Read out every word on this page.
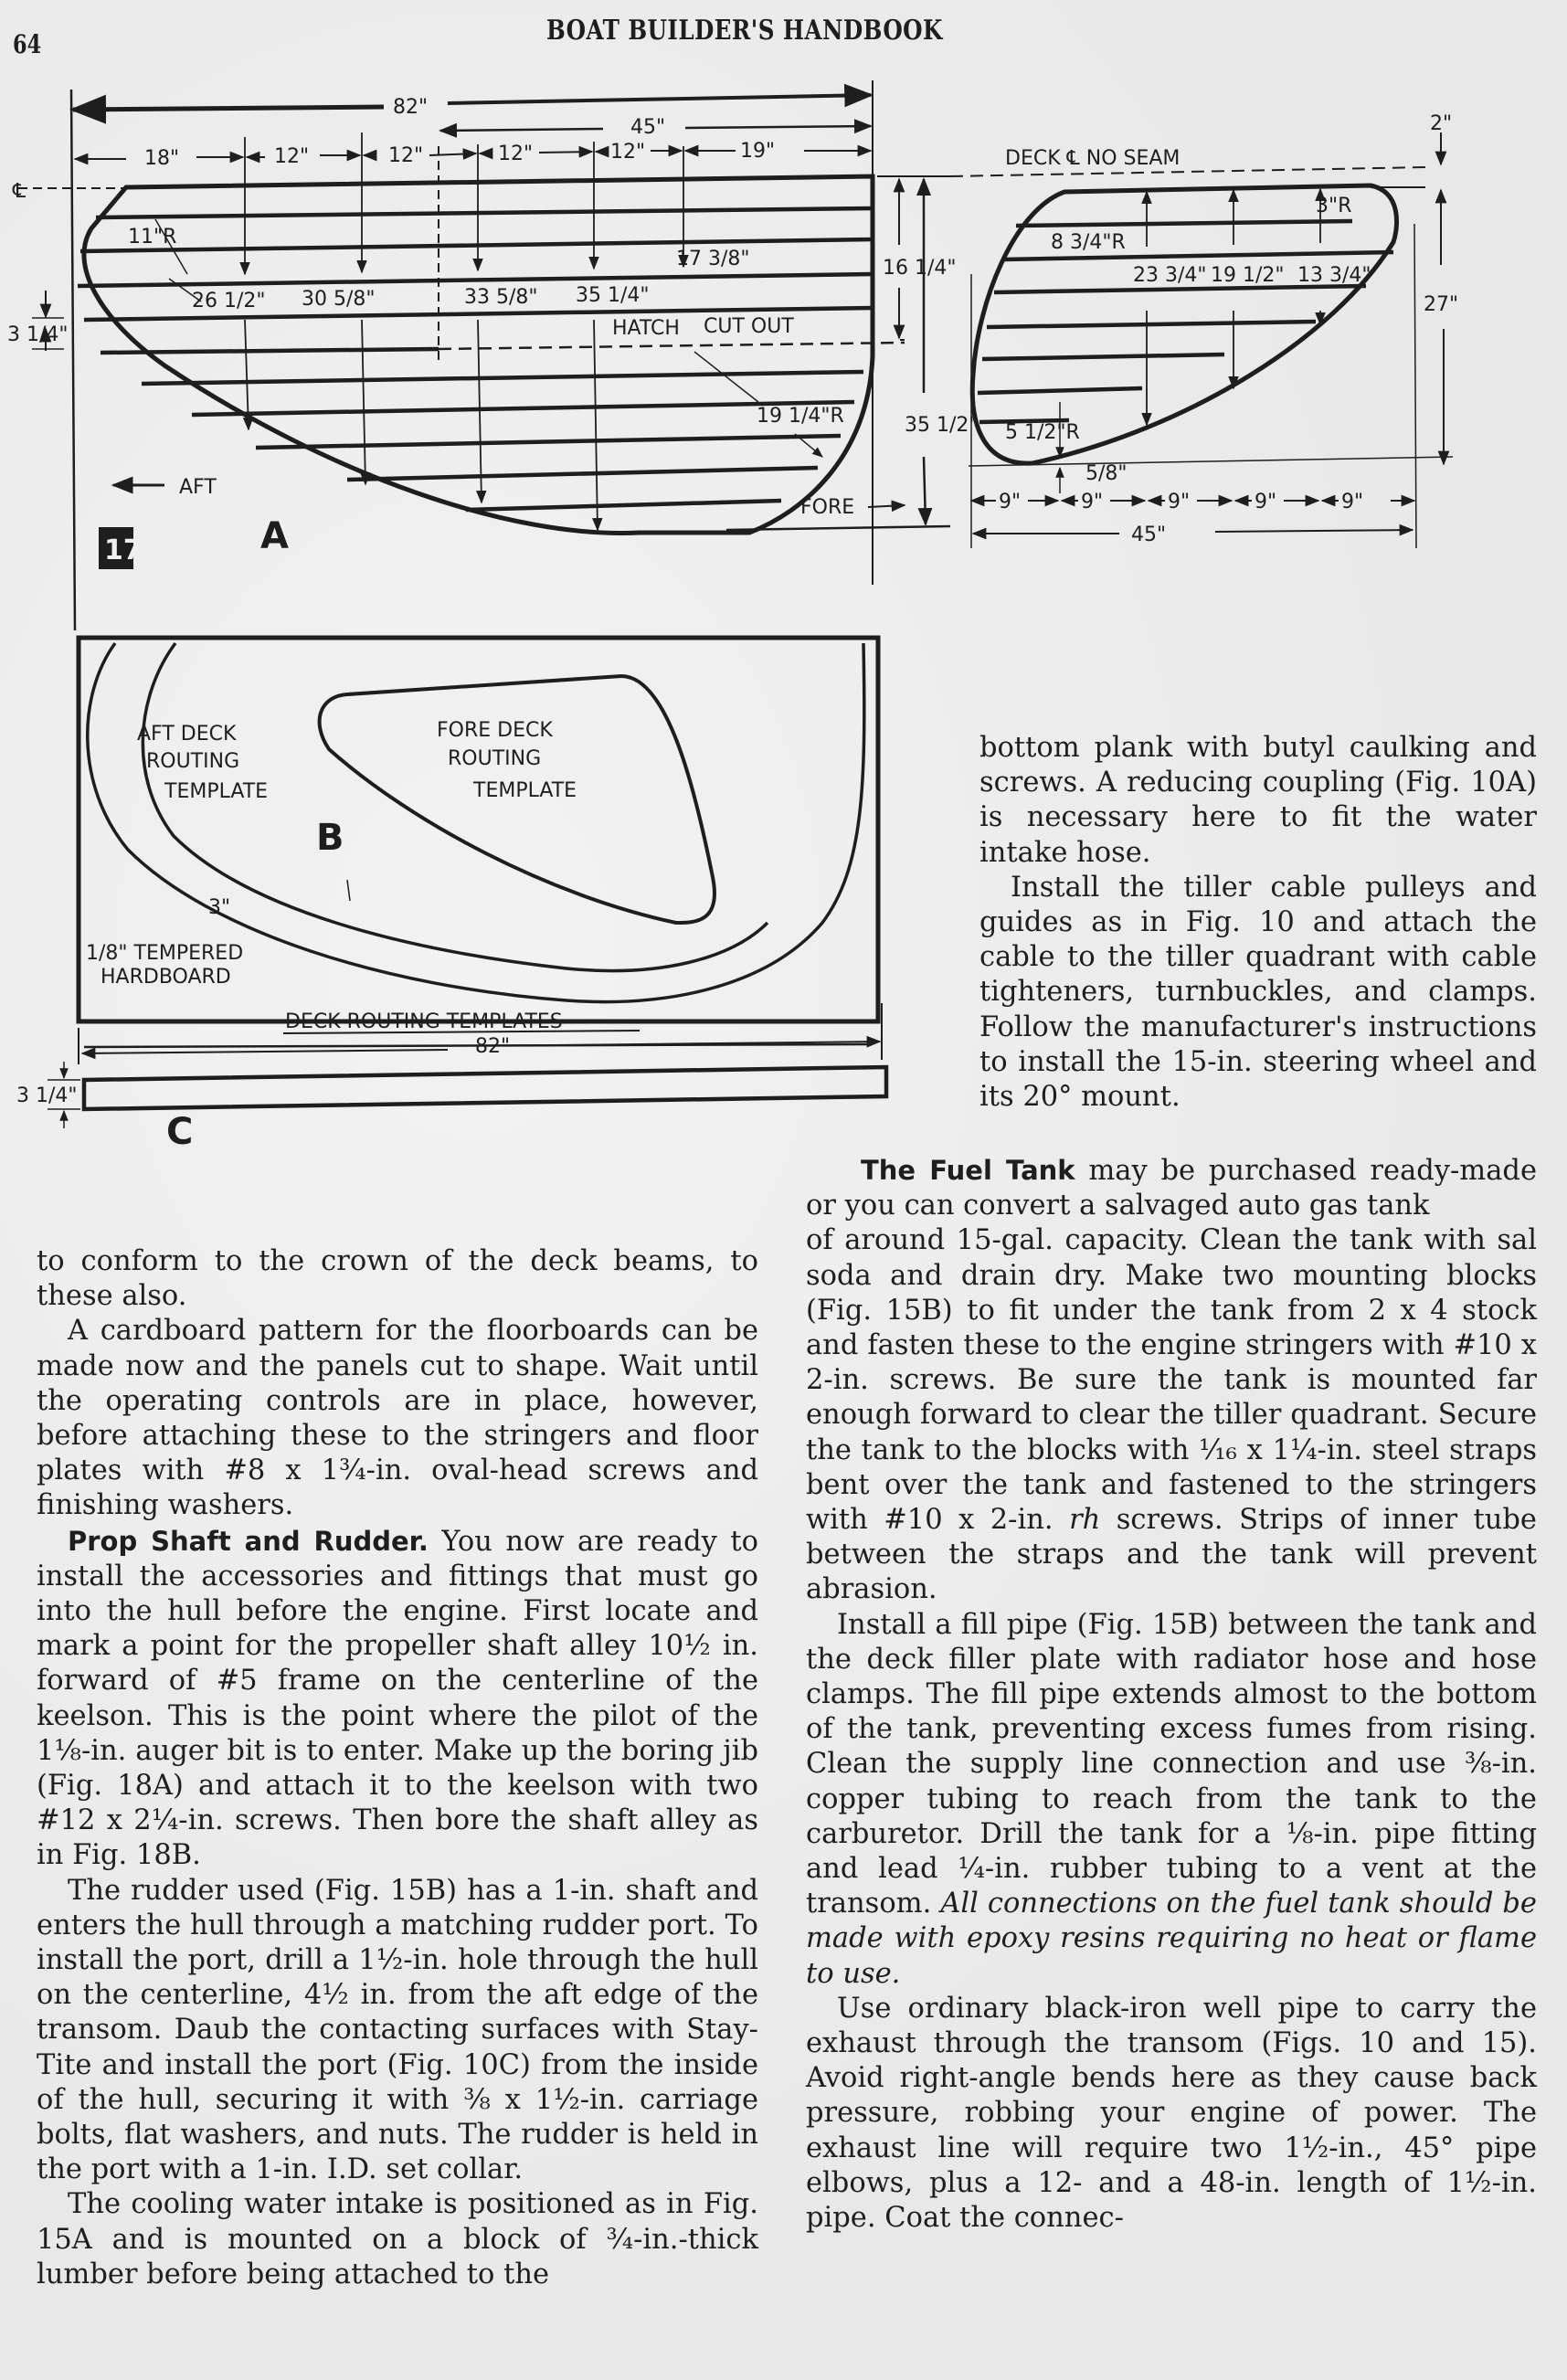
64	BOAT BUILDER'S HANDBOOK
82"
45"
18"	12"	12"	12"	12"	19"
26 1/2" 30 5/8"	33 5/8" 35 1/4"
17 3/8"
11"R
19 1/4"R
℄
3 1/4"	HATCH CUT OUT
AFT
FORE
16 1/4"
35 1/2"
17	A
DECK ℄ NO SEAM
2"
27"
3"R
8 3/4"R
5 1/2"R
23 3/4" 19 1/2" 13 3/4"
5/8"
9"	9"	9"	9"	9"
45"
AFT DECK
ROUTING
TEMPLATE
FORE DECK
ROUTING
TEMPLATE
B
3"
1/8" TEMPERED
HARDBOARD
DECK ROUTING TEMPLATES
82"
3 1/4"
C

bottom plank with butyl caulking and screws. A reducing coupling (Fig. 10A) is necessary here to fit the water intake hose.

Install the tiller cable pulleys and guides as in Fig. 10 and attach the cable to the tiller quadrant with cable tighteners, turnbuckles, and clamps. Follow the manufacturer's instructions to install the 15-in. steering wheel and its 20° mount.

to conform to the crown of the deck beams, to these also.

A cardboard pattern for the floorboards can be made now and the panels cut to shape. Wait until the operating controls are in place, however, before attaching these to the stringers and floor plates with #8 x 1¾-in. oval-head screws and finishing washers.

Prop Shaft and Rudder. You now are ready to install the accessories and fittings that must go into the hull before the engine. First locate and mark a point for the propeller shaft alley 10½ in. forward of #5 frame on the centerline of the keelson. This is the point where the pilot of the 1⅛-in. auger bit is to enter. Make up the boring jib (Fig. 18A) and attach it to the keelson with two #12 x 2¼-in. screws. Then bore the shaft alley as in Fig. 18B.

The rudder used (Fig. 15B) has a 1-in. shaft and enters the hull through a matching rudder port. To install the port, drill a 1½-in. hole through the hull on the centerline, 4½ in. from the aft edge of the transom. Daub the contacting surfaces with Stay-Tite and install the port (Fig. 10C) from the inside of the hull, securing it with ⅜ x 1½-in. carriage bolts, flat washers, and nuts. The rudder is held in the port with a 1-in. I.D. set collar.

The cooling water intake is positioned as in Fig. 15A and is mounted on a block of ¾-in.-thick lumber before being attached to the

The Fuel Tank may be purchased ready-made or you can convert a salvaged auto gas tank

of around 15-gal. capacity. Clean the tank with sal soda and drain dry. Make two mounting blocks (Fig. 15B) to fit under the tank from 2 x 4 stock and fasten these to the engine stringers with #10 x 2-in. screws. Be sure the tank is mounted far enough forward to clear the tiller quadrant. Secure the tank to the blocks with ¹⁄₁₆ x 1¼-in. steel straps bent over the tank and fastened to the stringers with #10 x 2-in. rh screws. Strips of inner tube between the straps and the tank will prevent abrasion.

Install a fill pipe (Fig. 15B) between the tank and the deck filler plate with radiator hose and hose clamps. The fill pipe extends almost to the bottom of the tank, preventing excess fumes from rising. Clean the supply line connection and use ⅜-in. copper tubing to reach from the tank to the carburetor. Drill the tank for a ⅛-in. pipe fitting and lead ¼-in. rubber tubing to a vent at the transom. All connections on the fuel tank should be made with epoxy resins requiring no heat or flame to use.

Use ordinary black-iron well pipe to carry the exhaust through the transom (Figs. 10 and 15). Avoid right-angle bends here as they cause back pressure, robbing your engine of power. The exhaust line will require two 1½-in., 45° pipe elbows, plus a 12- and a 48-in. length of 1½-in. pipe. Coat the connec-
